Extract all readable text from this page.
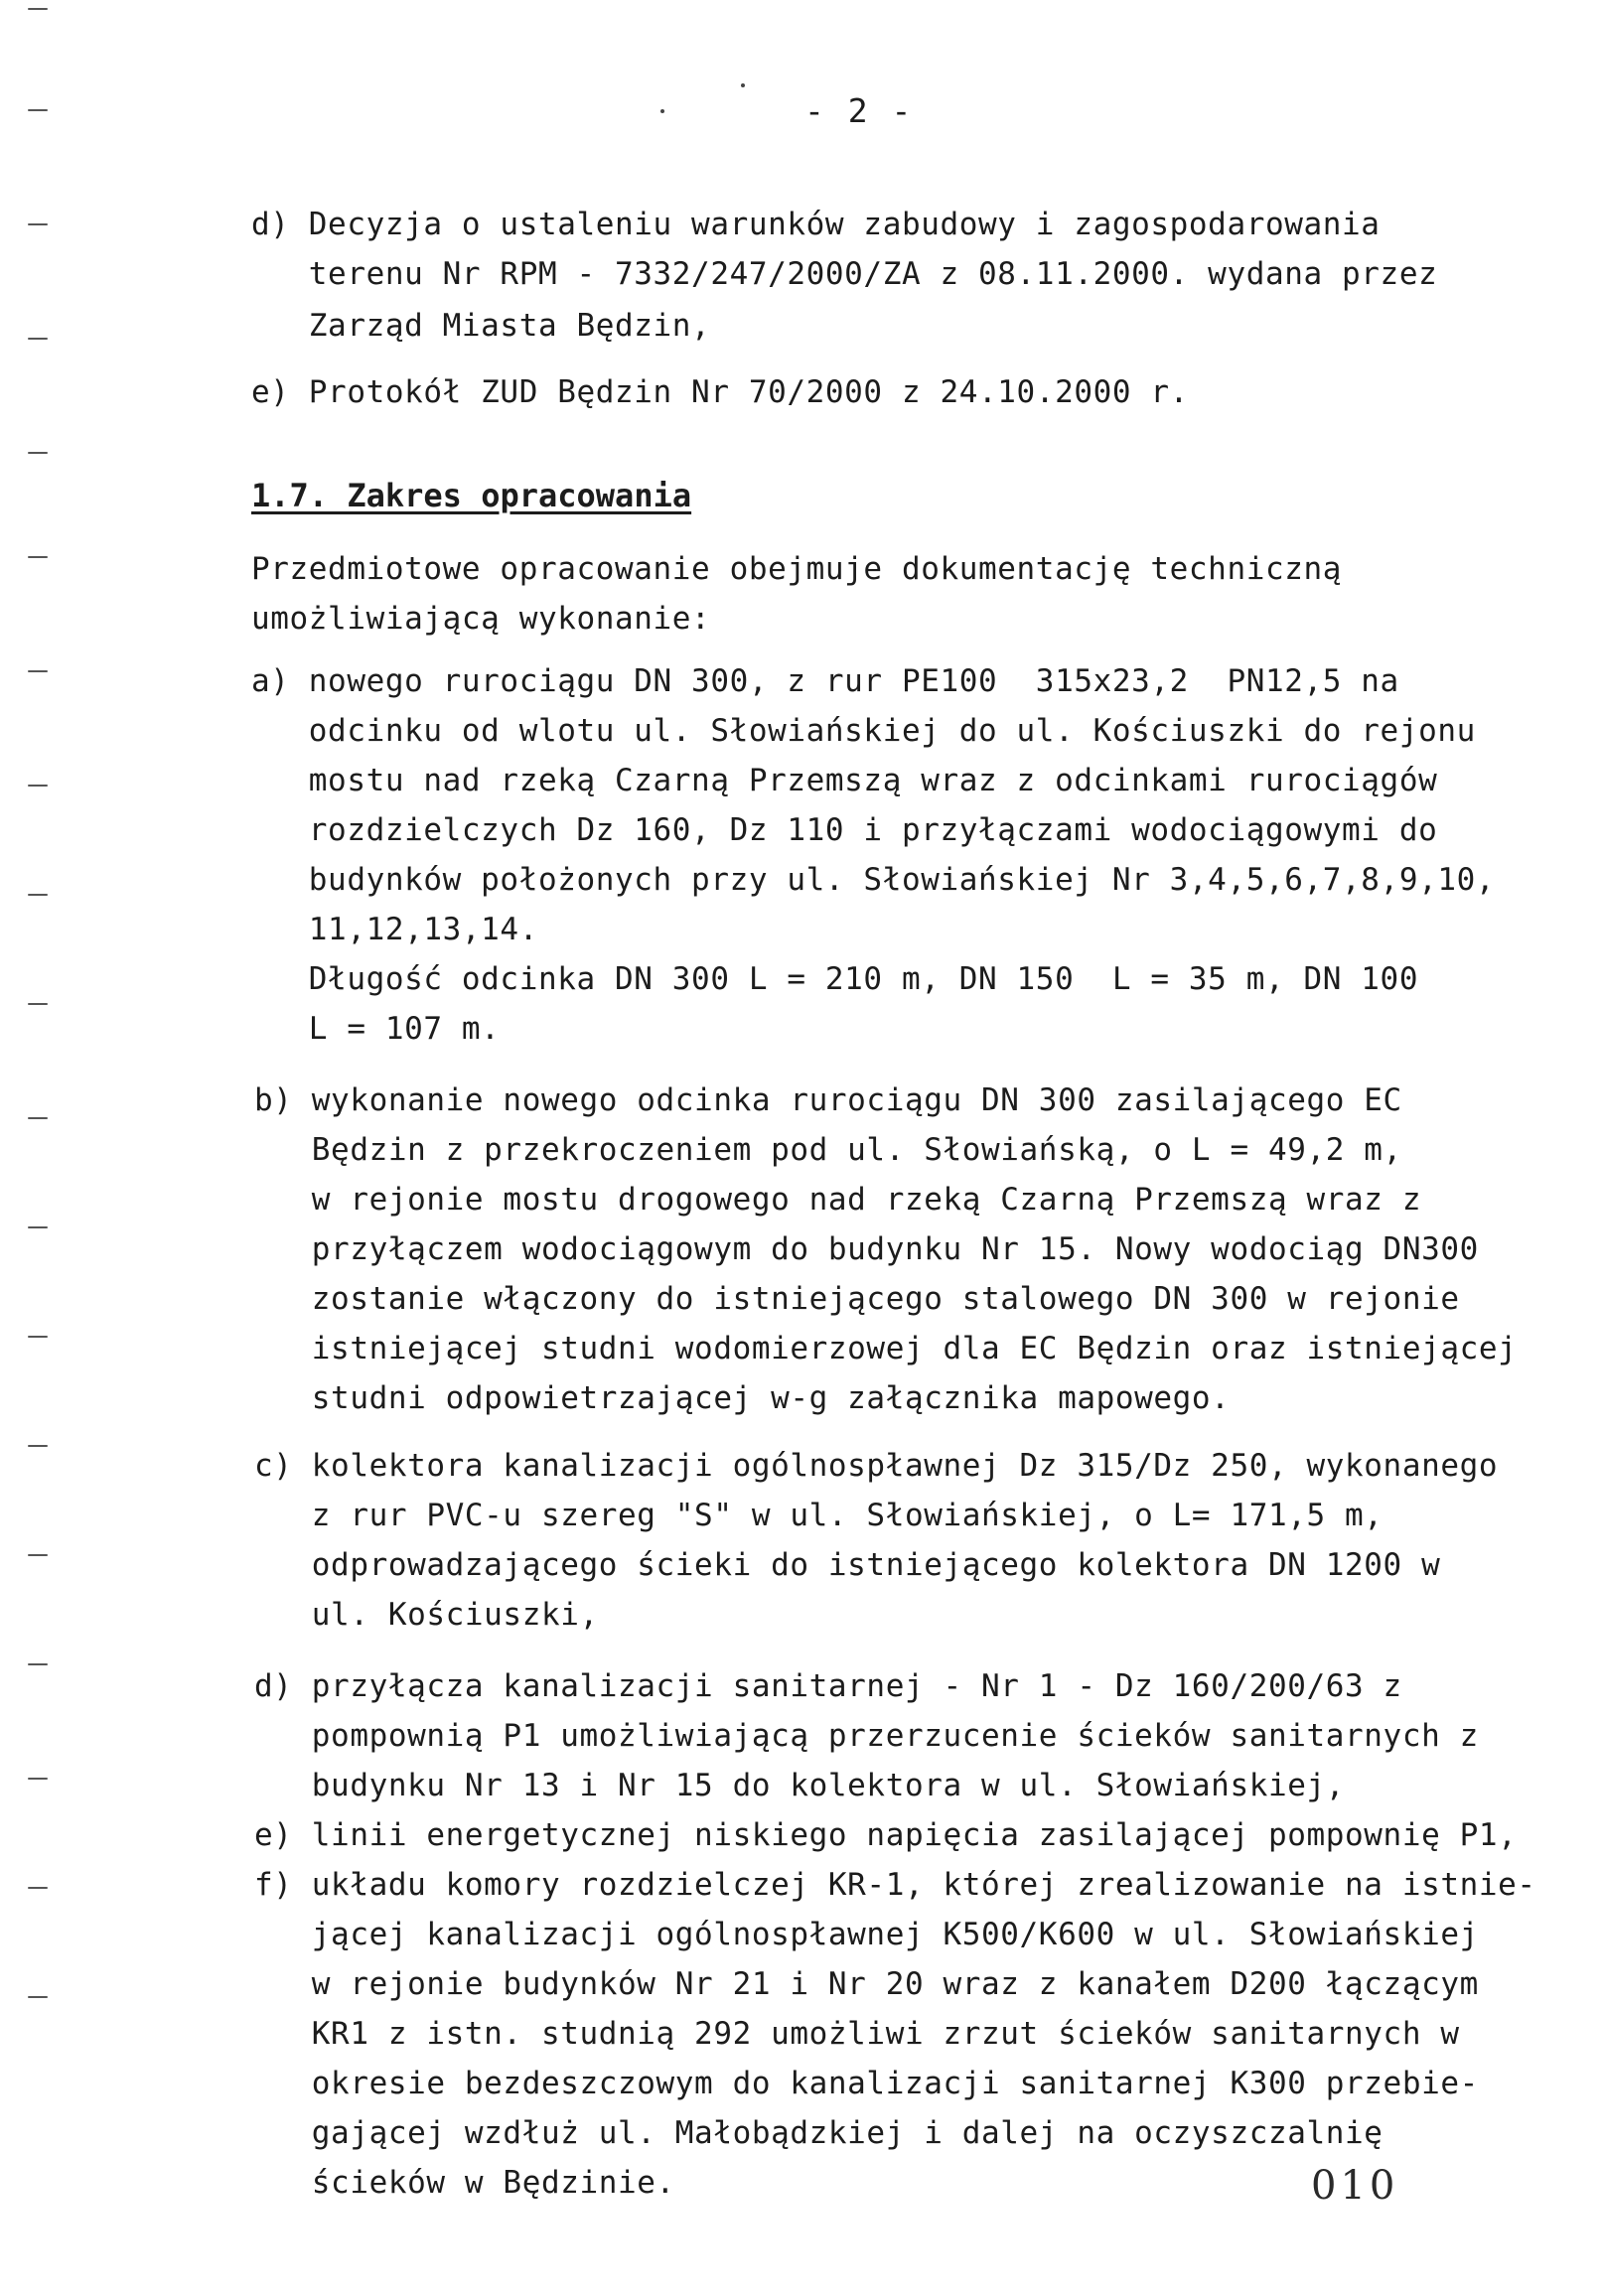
- 2 -
d) Decyzja o ustaleniu warunków zabudowy i zagospodarowania
terenu Nr RPM - 7332/247/2000/ZA z 08.11.2000. wydana przez
Zarząd Miasta Będzin,
e) Protokół ZUD Będzin Nr 70/2000 z 24.10.2000 r.
1.7. Zakres opracowania
Przedmiotowe opracowanie obejmuje dokumentację techniczną
umożliwiającą wykonanie:
a) nowego rurociągu DN 300, z rur PE100  315x23,2  PN12,5 na
odcinku od wlotu ul. Słowiańskiej do ul. Kościuszki do rejonu
mostu nad rzeką Czarną Przemszą wraz z odcinkami rurociągów
rozdzielczych Dz 160, Dz 110 i przyłączami wodociągowymi do
budynków położonych przy ul. Słowiańskiej Nr 3,4,5,6,7,8,9,10,
11,12,13,14.
Długość odcinka DN 300 L = 210 m, DN 150  L = 35 m, DN 100
L = 107 m.
b) wykonanie nowego odcinka rurociągu DN 300 zasilającego EC
Będzin z przekroczeniem pod ul. Słowiańską, o L = 49,2 m,
w rejonie mostu drogowego nad rzeką Czarną Przemszą wraz z
przyłączem wodociągowym do budynku Nr 15. Nowy wodociąg DN300
zostanie włączony do istniejącego stalowego DN 300 w rejonie
istniejącej studni wodomierzowej dla EC Będzin oraz istniejącej
studni odpowietrzającej w-g załącznika mapowego.
c) kolektora kanalizacji ogólnospławnej Dz 315/Dz 250, wykonanego
z rur PVC-u szereg "S" w ul. Słowiańskiej, o L= 171,5 m,
odprowadzającego ścieki do istniejącego kolektora DN 1200 w
ul. Kościuszki,
d) przyłącza kanalizacji sanitarnej - Nr 1 - Dz 160/200/63 z
pompownią P1 umożliwiającą przerzucenie ścieków sanitarnych z
budynku Nr 13 i Nr 15 do kolektora w ul. Słowiańskiej,
e) linii energetycznej niskiego napięcia zasilającej pompownię P1,
f) układu komory rozdzielczej KR-1, której zrealizowanie na istnie-
jącej kanalizacji ogólnospławnej K500/K600 w ul. Słowiańskiej
w rejonie budynków Nr 21 i Nr 20 wraz z kanałem D200 łączącym
KR1 z istn. studnią 292 umożliwi zrzut ścieków sanitarnych w
okresie bezdeszczowym do kanalizacji sanitarnej K300 przebie-
gającej wzdłuż ul. Małobądzkiej i dalej na oczyszczalnię
ścieków w Będzinie.	010
